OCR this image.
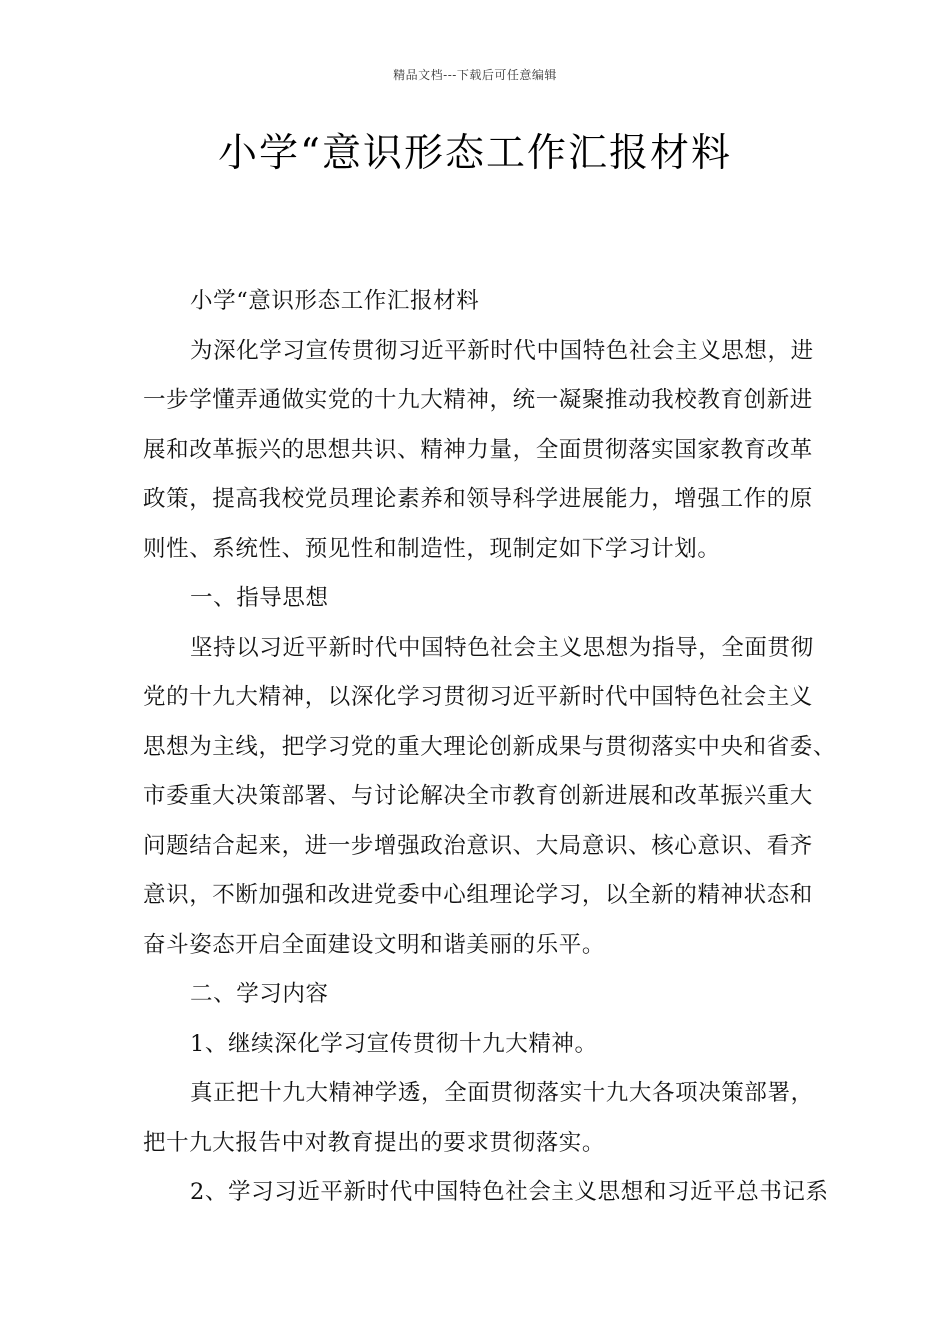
精品文档---下载后可任意编辑
小学“意识形态工作汇报材料
小学“意识形态工作汇报材料
为深化学习宣传贯彻习近平新时代中国特色社会主义思想，进
一步学懂弄通做实党的十九大精神，统一凝聚推动我校教育创新进
展和改革振兴的思想共识、精神力量，全面贯彻落实国家教育改革
政策，提高我校党员理论素养和领导科学进展能力，增强工作的原
则性、系统性、预见性和制造性，现制定如下学习计划。
一、指导思想
坚持以习近平新时代中国特色社会主义思想为指导，全面贯彻
党的十九大精神，以深化学习贯彻习近平新时代中国特色社会主义
思想为主线，把学习党的重大理论创新成果与贯彻落实中央和省委、
市委重大决策部署、与讨论解决全市教育创新进展和改革振兴重大
问题结合起来，进一步增强政治意识、大局意识、核心意识、看齐
意识，不断加强和改进党委中心组理论学习，以全新的精神状态和
奋斗姿态开启全面建设文明和谐美丽的乐平。
二、学习内容
1、继续深化学习宣传贯彻十九大精神。
真正把十九大精神学透，全面贯彻落实十九大各项决策部署，
把十九大报告中对教育提出的要求贯彻落实。
2、学习习近平新时代中国特色社会主义思想和习近平总书记系
